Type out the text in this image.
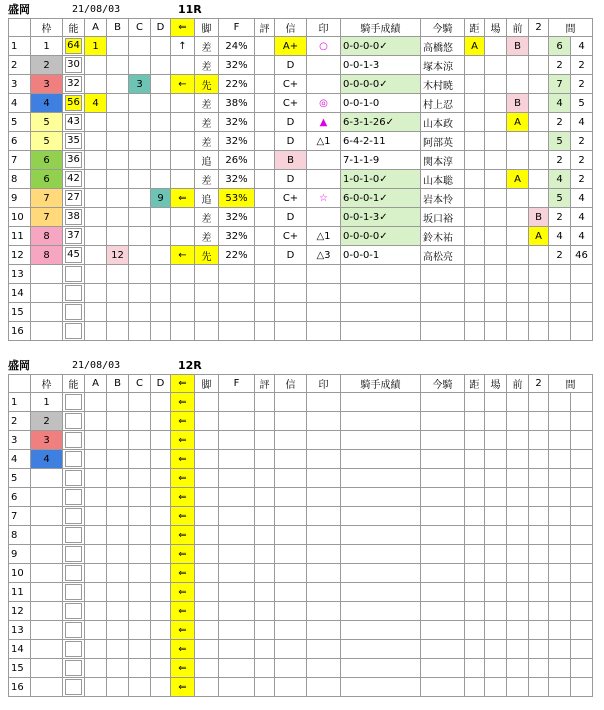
盛岡	21/08/03	11R
	枠	能	A	B	C	D	⇐	脚	F	評	信	印	騎手成績	今騎	距	場	前	2	間	
1	1	64	1				↑	差	24%		A+	○	0-0-0-0✓	高橋悠	A		B		6	4
2	2	30						差	32%		D		0-0-1-3	塚本涼					2	2
3	3	32			3		←	先	22%		C+		0-0-0-0✓	木村暁					7	2
4	4	56	4					差	38%		C+	◎	0-0-1-0	村上忍			B		4	5
5	5	43						差	32%		D	▲	6-3-1-26✓	山本政			A		2	4
6	5	35						差	32%		D	△1	6-4-2-11	阿部英					5	2
7	6	36						追	26%		B		7-1-1-9	関本淳					2	2
8	6	42						差	32%		D		1-0-1-0✓	山本聡			A		4	2
9	7	27				9	⇐	追	53%		C+	☆	6-0-0-1✓	岩本怜					5	4
10	7	38						差	32%		D		0-0-1-3✓	坂口裕				B	2	4
11	8	37						差	32%		C+	△1	0-0-0-0✓	鈴木祐				A	4	4
12	8	45		12			←	先	22%		D	△3	0-0-0-1	高松亮					2	46
13		

14		

15		

16		

盛岡	21/08/03	12R
	枠	能	A	B	C	D	⇐	脚	F	評	信	印	騎手成績	今騎	距	場	前	2	間	
1	1						⇐													
2	2						⇐													
3	3						⇐													
4	4						⇐													
5							⇐													
6							⇐													
7							⇐													
8							⇐													
9							⇐													
10							⇐													
11							⇐													
12							⇐													
13							⇐													
14							⇐													
15							⇐													
16							⇐													
